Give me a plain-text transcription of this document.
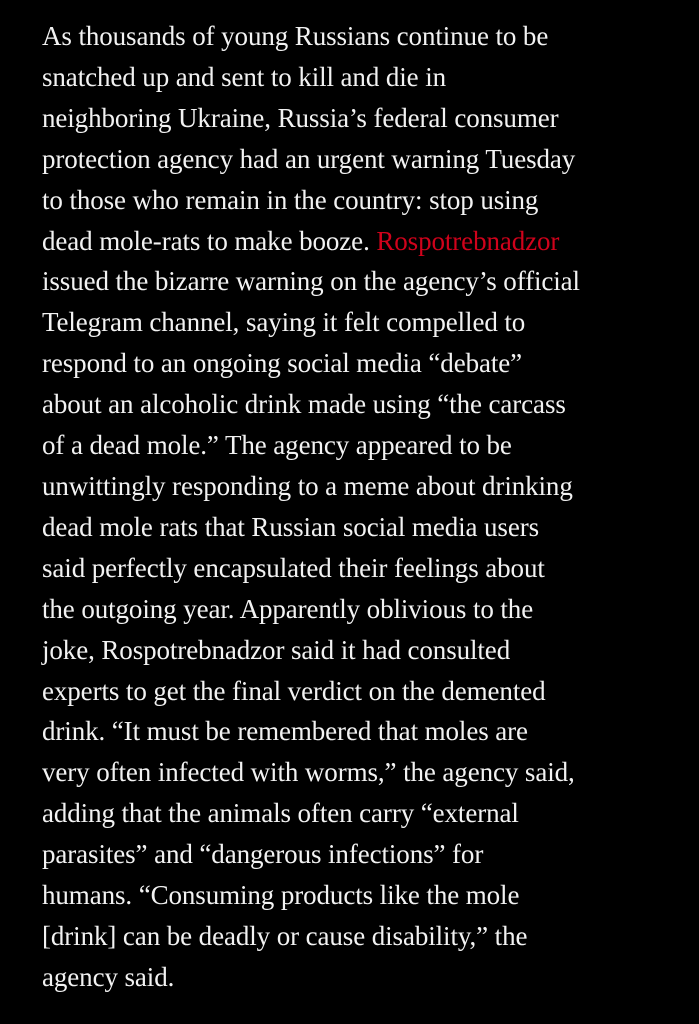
As thousands of young Russians continue to be
snatched up and sent to kill and die in
neighboring Ukraine, Russia’s federal consumer
protection agency had an urgent warning Tuesday
to those who remain in the country: stop using
dead mole-rats to make booze. Rospotrebnadzor
issued the bizarre warning on the agency’s official
Telegram channel, saying it felt compelled to
respond to an ongoing social media “debate”
about an alcoholic drink made using “the carcass
of a dead mole.” The agency appeared to be
unwittingly responding to a meme about drinking
dead mole rats that Russian social media users
said perfectly encapsulated their feelings about
the outgoing year. Apparently oblivious to the
joke, Rospotrebnadzor said it had consulted
experts to get the final verdict on the demented
drink. “It must be remembered that moles are
very often infected with worms,” the agency said,
adding that the animals often carry “external
parasites” and “dangerous infections” for
humans. “Consuming products like the mole
[drink] can be deadly or cause disability,” the
agency said.
